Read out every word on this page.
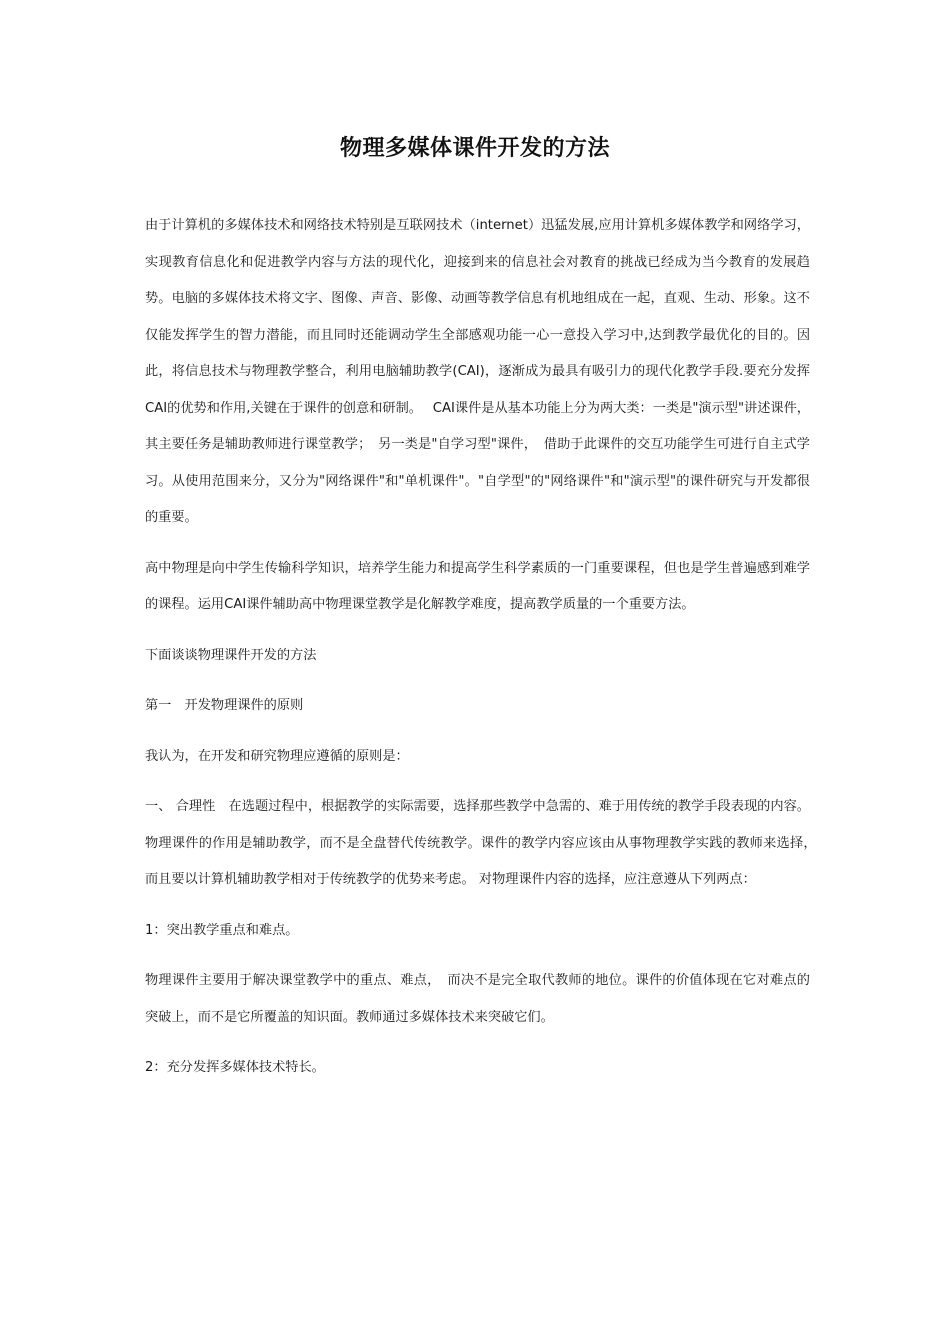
物理多媒体课件开发的方法

由于计算机的多媒体技术和网络技术特别是互联网技术（internet）迅猛发展,应用计算机多媒体教学和网络学习，实现教育信息化和促进教学内容与方法的现代化，迎接到来的信息社会对教育的挑战已经成为当今教育的发展趋势。电脑的多媒体技术将文字、图像、声音、影像、动画等教学信息有机地组成在一起，直观、生动、形象。这不仅能发挥学生的智力潜能，而且同时还能调动学生全部感观功能一心一意投入学习中,达到教学最优化的目的。因此，将信息技术与物理教学整合，利用电脑辅助教学(CAI)，逐渐成为最具有吸引力的现代化教学手段.要充分发挥CAI的优势和作用,关键在于课件的创意和研制。　 CAI课件是从基本功能上分为两大类：一类是"演示型"讲述课件，其主要任务是辅助教师进行课堂教学；　另一类是"自学习型"课件，　借助于此课件的交互功能学生可进行自主式学习。从使用范围来分，又分为"网络课件"和"单机课件"。"自学型"的"网络课件"和"演示型"的课件研究与开发都很的重要。

高中物理是向中学生传输科学知识，培养学生能力和提高学生科学素质的一门重要课程，但也是学生普遍感到难学的课程。运用CAI课件辅助高中物理课堂教学是化解教学难度，提高教学质量的一个重要方法。

下面谈谈物理课件开发的方法

第一　开发物理课件的原则

我认为，在开发和研究物理应遵循的原则是：

一、 合理性　在选题过程中，根据教学的实际需要，选择那些教学中急需的、难于用传统的教学手段表现的内容。物理课件的作用是辅助教学，而不是全盘替代传统教学。课件的教学内容应该由从事物理教学实践的教师来选择，　而且要以计算机辅助教学相对于传统教学的优势来考虑。 对物理课件内容的选择，应注意遵从下列两点：

1：突出教学重点和难点。

物理课件主要用于解决课堂教学中的重点、难点，　而决不是完全取代教师的地位。课件的价值体现在它对难点的突破上，而不是它所覆盖的知识面。教师通过多媒体技术来突破它们。

2：充分发挥多媒体技术特长。
